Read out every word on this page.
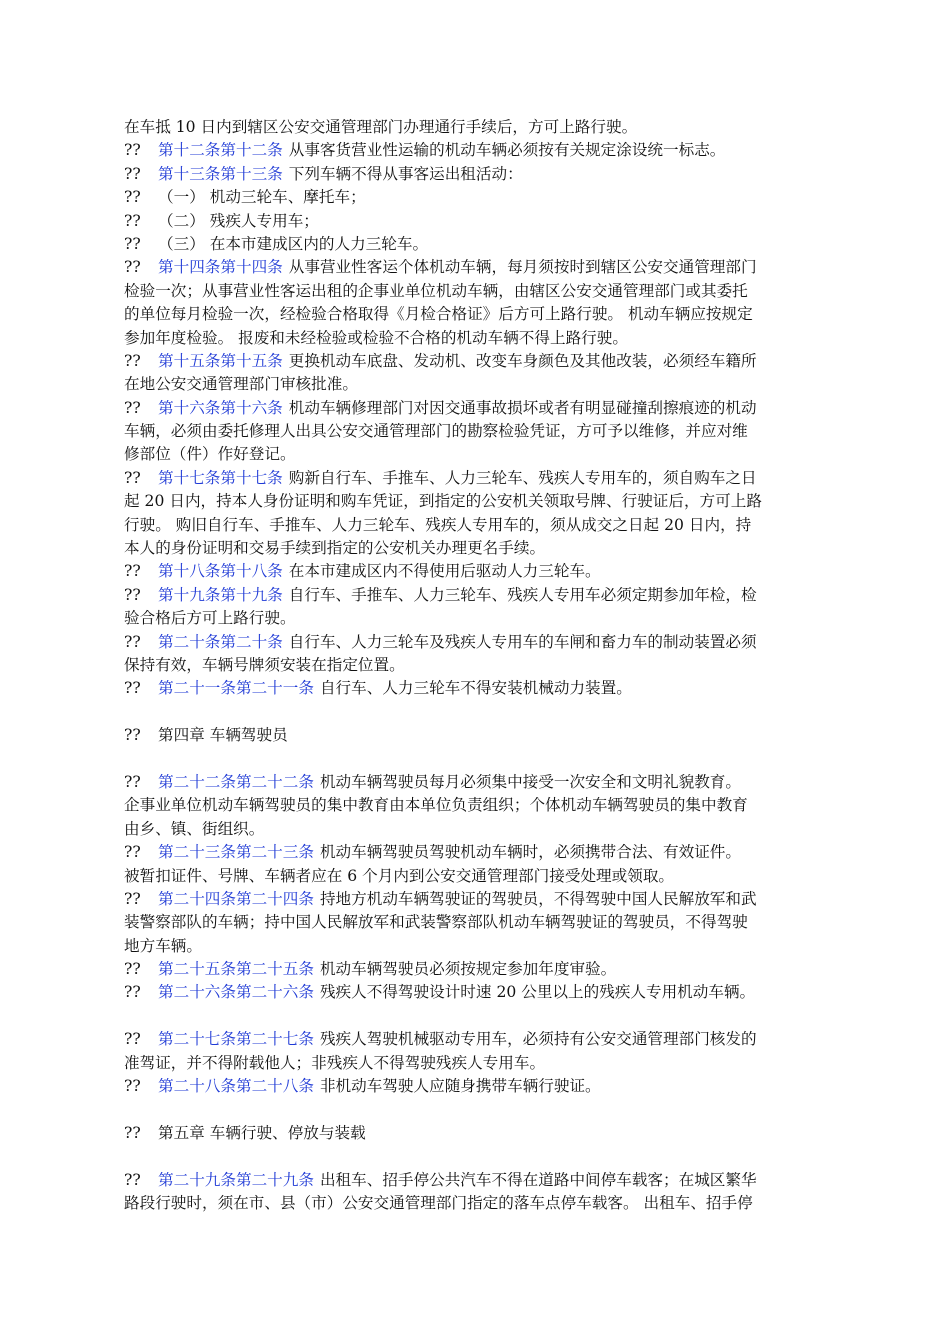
在车抵 10 日内到辖区公安交通管理部门办理通行手续后，方可上路行驶。
?? 第十二条第十二条 从事客货营业性运输的机动车辆必须按有关规定涂设统一标志。
?? 第十三条第十三条 下列车辆不得从事客运出租活动：
?? （一） 机动三轮车、摩托车；
?? （二） 残疾人专用车；
?? （三） 在本市建成区内的人力三轮车。
?? 第十四条第十四条 从事营业性客运个体机动车辆，每月须按时到辖区公安交通管理部门
检验一次；从事营业性客运出租的企事业单位机动车辆，由辖区公安交通管理部门或其委托
的单位每月检验一次，经检验合格取得《月检合格证》后方可上路行驶。 机动车辆应按规定
参加年度检验。 报废和未经检验或检验不合格的机动车辆不得上路行驶。
?? 第十五条第十五条 更换机动车底盘、发动机、改变车身颜色及其他改装，必须经车籍所
在地公安交通管理部门审核批准。
?? 第十六条第十六条 机动车辆修理部门对因交通事故损坏或者有明显碰撞刮擦痕迹的机动
车辆，必须由委托修理人出具公安交通管理部门的勘察检验凭证，方可予以维修，并应对维
修部位（件）作好登记。
?? 第十七条第十七条 购新自行车、手推车、人力三轮车、残疾人专用车的，须自购车之日
起 20 日内，持本人身份证明和购车凭证，到指定的公安机关领取号牌、行驶证后，方可上路
行驶。 购旧自行车、手推车、人力三轮车、残疾人专用车的，须从成交之日起 20 日内，持
本人的身份证明和交易手续到指定的公安机关办理更名手续。
?? 第十八条第十八条 在本市建成区内不得使用后驱动人力三轮车。
?? 第十九条第十九条 自行车、手推车、人力三轮车、残疾人专用车必须定期参加年检，检
验合格后方可上路行驶。
?? 第二十条第二十条 自行车、人力三轮车及残疾人专用车的车闸和畜力车的制动装置必须
保持有效，车辆号牌须安装在指定位置。
?? 第二十一条第二十一条 自行车、人力三轮车不得安装机械动力装置。
?? 第四章 车辆驾驶员
?? 第二十二条第二十二条 机动车辆驾驶员每月必须集中接受一次安全和文明礼貌教育。
企事业单位机动车辆驾驶员的集中教育由本单位负责组织；个体机动车辆驾驶员的集中教育
由乡、镇、街组织。
?? 第二十三条第二十三条 机动车辆驾驶员驾驶机动车辆时，必须携带合法、有效证件。
被暂扣证件、号牌、车辆者应在 6 个月内到公安交通管理部门接受处理或领取。
?? 第二十四条第二十四条 持地方机动车辆驾驶证的驾驶员，不得驾驶中国人民解放军和武
装警察部队的车辆；持中国人民解放军和武装警察部队机动车辆驾驶证的驾驶员，不得驾驶
地方车辆。
?? 第二十五条第二十五条 机动车辆驾驶员必须按规定参加年度审验。
?? 第二十六条第二十六条 残疾人不得驾驶设计时速 20 公里以上的残疾人专用机动车辆。
?? 第二十七条第二十七条 残疾人驾驶机械驱动专用车，必须持有公安交通管理部门核发的
准驾证，并不得附载他人；非残疾人不得驾驶残疾人专用车。
?? 第二十八条第二十八条 非机动车驾驶人应随身携带车辆行驶证。
?? 第五章 车辆行驶、停放与装载
?? 第二十九条第二十九条 出租车、招手停公共汽车不得在道路中间停车载客；在城区繁华
路段行驶时，须在市、县（市）公安交通管理部门指定的落车点停车载客。 出租车、招手停
